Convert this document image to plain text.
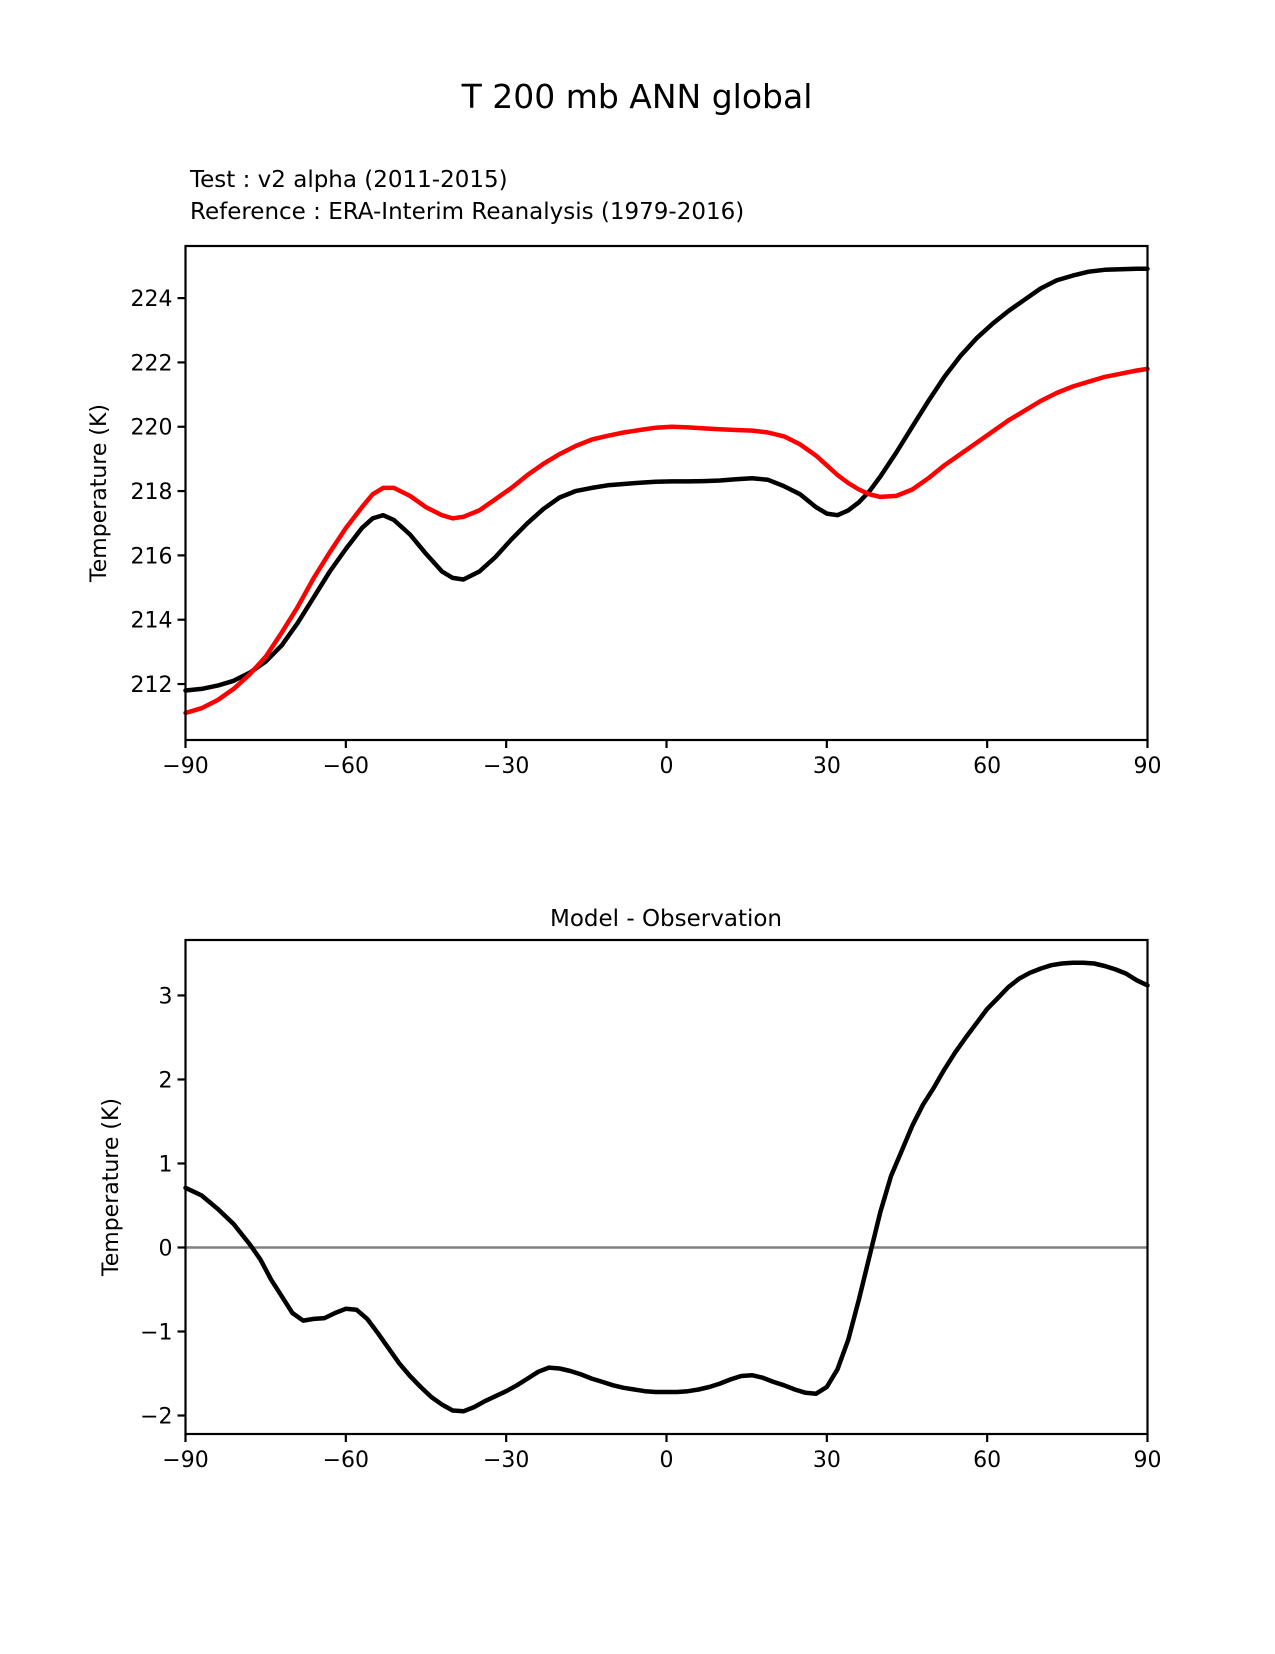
−90	−60	−30	0	30	60	90
212
214
216
218
220
222
224
−90	−60	−30	0	30	60	90
−2
−1
0
1
2
3
T 200 mb ANN global
Test : v2 alpha (2011-2015)
Reference : ERA-Interim Reanalysis (1979-2016)
Temperature (K)
Temperature (K)
Model - Observation
